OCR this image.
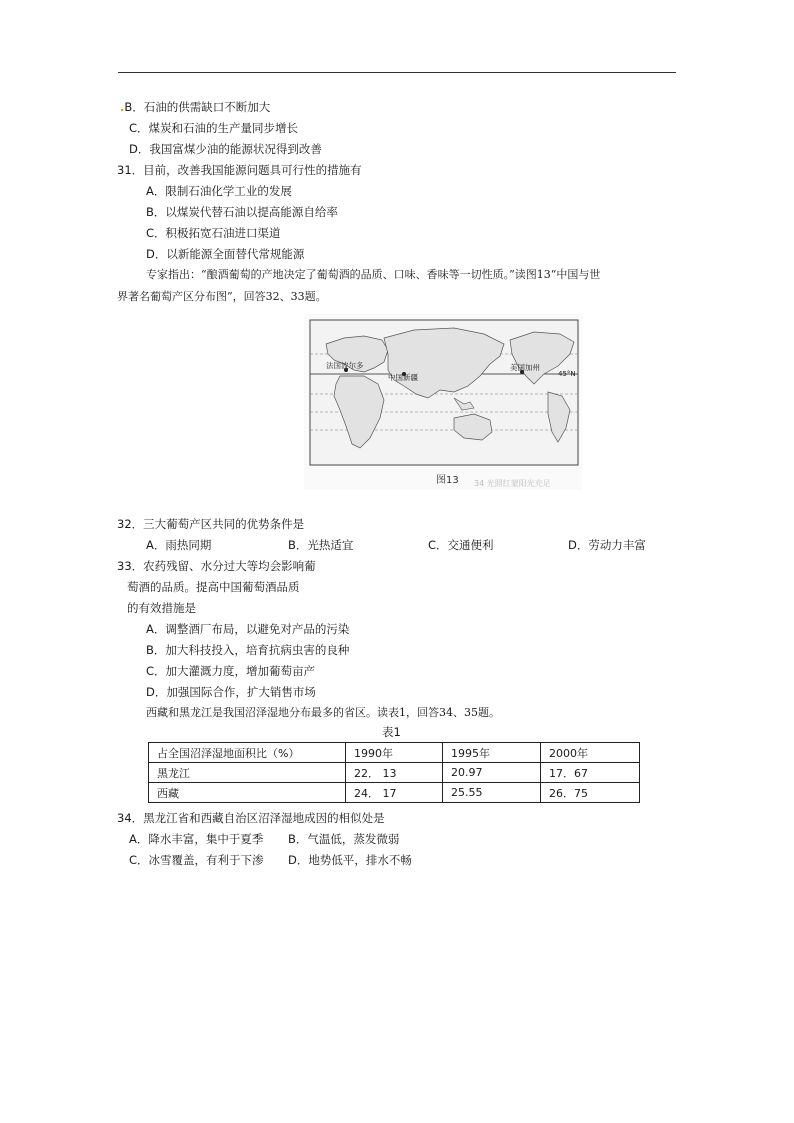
.B．石油的供需缺口不断加大
C．煤炭和石油的生产量同步增长
D．我国富煤少油的能源状况得到改善
31．目前，改善我国能源问题具可行性的措施有
A．限制石油化学工业的发展
B．以煤炭代替石油以提高能源自给率
C．积极拓宽石油进口渠道
D．以新能源全面替代常规能源
专家指出：“酿酒葡萄的产地决定了葡萄酒的品质、口味、香味等一切性质。”读图13“中国与世
界著名葡萄产区分布图”，回答32、33题。
法国波尔多
中国新疆
美国加州
45°N
图13 34 光照红蒙阳光充足
32．三大葡萄产区共同的优势条件是
A．雨热同期	B．光热适宜	C．交通便利	D．劳动力丰富
33．农药残留、水分过大等均会影响葡
萄酒的品质。提高中国葡萄酒品质
的有效措施是
A．调整酒厂布局，以避免对产品的污染
B．加大科技投入，培育抗病虫害的良种
C．加大灌溉力度，增加葡萄亩产
D．加强国际合作，扩大销售市场
西藏和黑龙江是我国沼泽湿地分布最多的省区。读表1，回答34、35题。
表1
占全国沼泽湿地面积比（%）	1990年	1995年	2000年
黑龙江	22． 13	20.97	17．67
西藏	24． 17	25.55	26．75
34．黑龙江省和西藏自治区沼泽湿地成因的相似处是
A．降水丰富，集中于夏季 B．气温低，蒸发微弱
C．冰雪覆盖，有利于下渗 D．地势低平，排水不畅
